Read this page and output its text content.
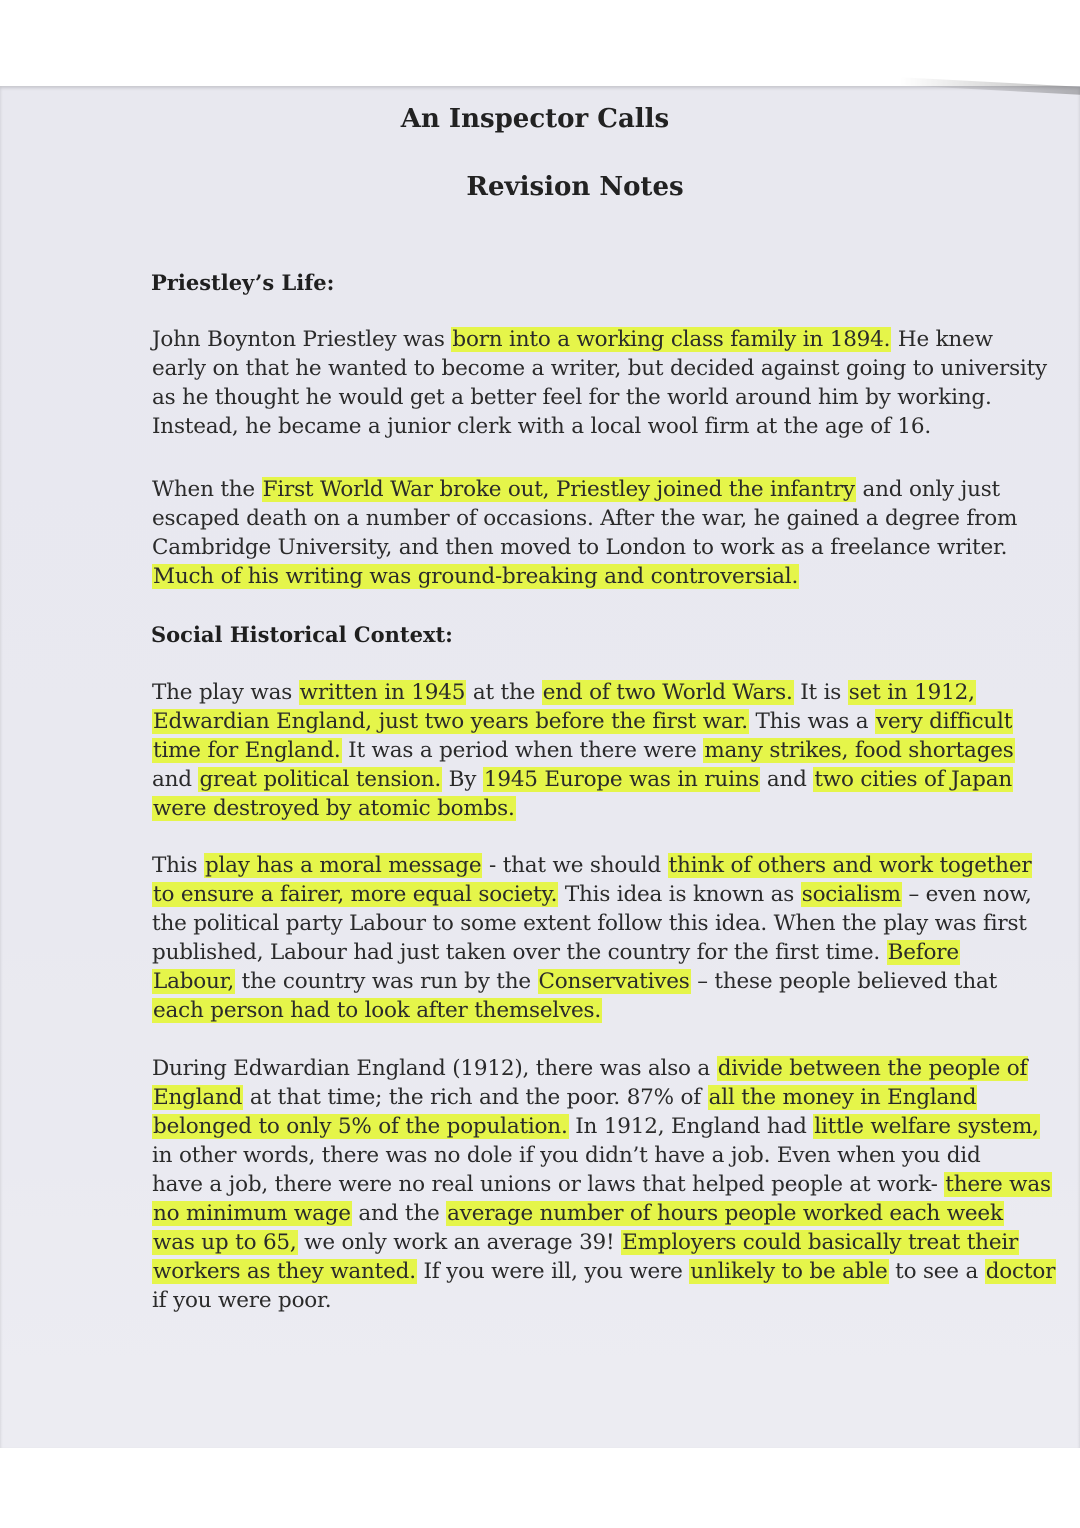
An Inspector Calls
Revision Notes
Priestley’s Life:
John Boynton Priestley was born into a working class family in 1894. He knew
early on that he wanted to become a writer, but decided against going to university
as he thought he would get a better feel for the world around him by working.
Instead, he became a junior clerk with a local wool firm at the age of 16.
When the First World War broke out, Priestley joined the infantry and only just
escaped death on a number of occasions. After the war, he gained a degree from
Cambridge University, and then moved to London to work as a freelance writer.
Much of his writing was ground-breaking and controversial.
Social Historical Context:
The play was written in 1945 at the end of two World Wars. It is set in 1912,
Edwardian England, just two years before the first war. This was a very difficult
time for England. It was a period when there were many strikes, food shortages
and great political tension. By 1945 Europe was in ruins and two cities of Japan
were destroyed by atomic bombs.
This play has a moral message - that we should think of others and work together
to ensure a fairer, more equal society. This idea is known as socialism – even now,
the political party Labour to some extent follow this idea. When the play was first
published, Labour had just taken over the country for the first time. Before
Labour, the country was run by the Conservatives – these people believed that
each person had to look after themselves.
During Edwardian England (1912), there was also a divide between the people of
England at that time; the rich and the poor. 87% of all the money in England
belonged to only 5% of the population. In 1912, England had little welfare system,
in other words, there was no dole if you didn’t have a job. Even when you did
have a job, there were no real unions or laws that helped people at work- there was
no minimum wage and the average number of hours people worked each week
was up to 65, we only work an average 39! Employers could basically treat their
workers as they wanted. If you were ill, you were unlikely to be able to see a doctor
if you were poor.
